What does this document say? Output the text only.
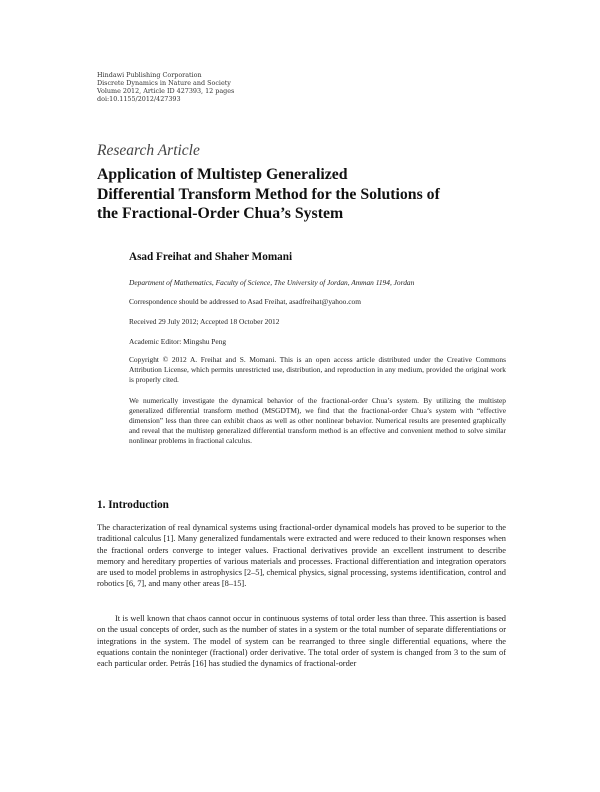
Hindawi Publishing Corporation
Discrete Dynamics in Nature and Society
Volume 2012, Article ID 427393, 12 pages
doi:10.1155/2012/427393
Research Article
Application of Multistep Generalized
Differential Transform Method for the Solutions of
the Fractional-Order Chua’s System
Asad Freihat and Shaher Momani
Department of Mathematics, Faculty of Science, The University of Jordan, Amman 1194, Jordan
Correspondence should be addressed to Asad Freihat, asadfreihat@yahoo.com
Received 29 July 2012; Accepted 18 October 2012
Academic Editor: Mingshu Peng
Copyright © 2012 A. Freihat and S. Momani. This is an open access article distributed under the Creative Commons Attribution License, which permits unrestricted use, distribution, and reproduction in any medium, provided the original work is properly cited.
We numerically investigate the dynamical behavior of the fractional-order Chua’s system. By utilizing the multistep generalized differential transform method (MSGDTM), we find that the fractional-order Chua’s system with “effective dimension” less than three can exhibit chaos as well as other nonlinear behavior. Numerical results are presented graphically and reveal that the multistep generalized differential transform method is an effective and convenient method to solve similar nonlinear problems in fractional calculus.
1. Introduction
The characterization of real dynamical systems using fractional-order dynamical models has proved to be superior to the traditional calculus [1]. Many generalized fundamentals were extracted and were reduced to their known responses when the fractional orders converge to integer values. Fractional derivatives provide an excellent instrument to describe memory and hereditary properties of various materials and processes. Fractional differentiation and integration operators are used to model problems in astrophysics [2–5], chemical physics, signal processing, systems identification, control and robotics [6, 7], and many other areas [8–15].
It is well known that chaos cannot occur in continuous systems of total order less than three. This assertion is based on the usual concepts of order, such as the number of states in a system or the total number of separate differentiations or integrations in the system. The model of system can be rearranged to three single differential equations, where the equations contain the noninteger (fractional) order derivative. The total order of system is changed from 3 to the sum of each particular order. Petrás [16] has studied the dynamics of fractional-order
